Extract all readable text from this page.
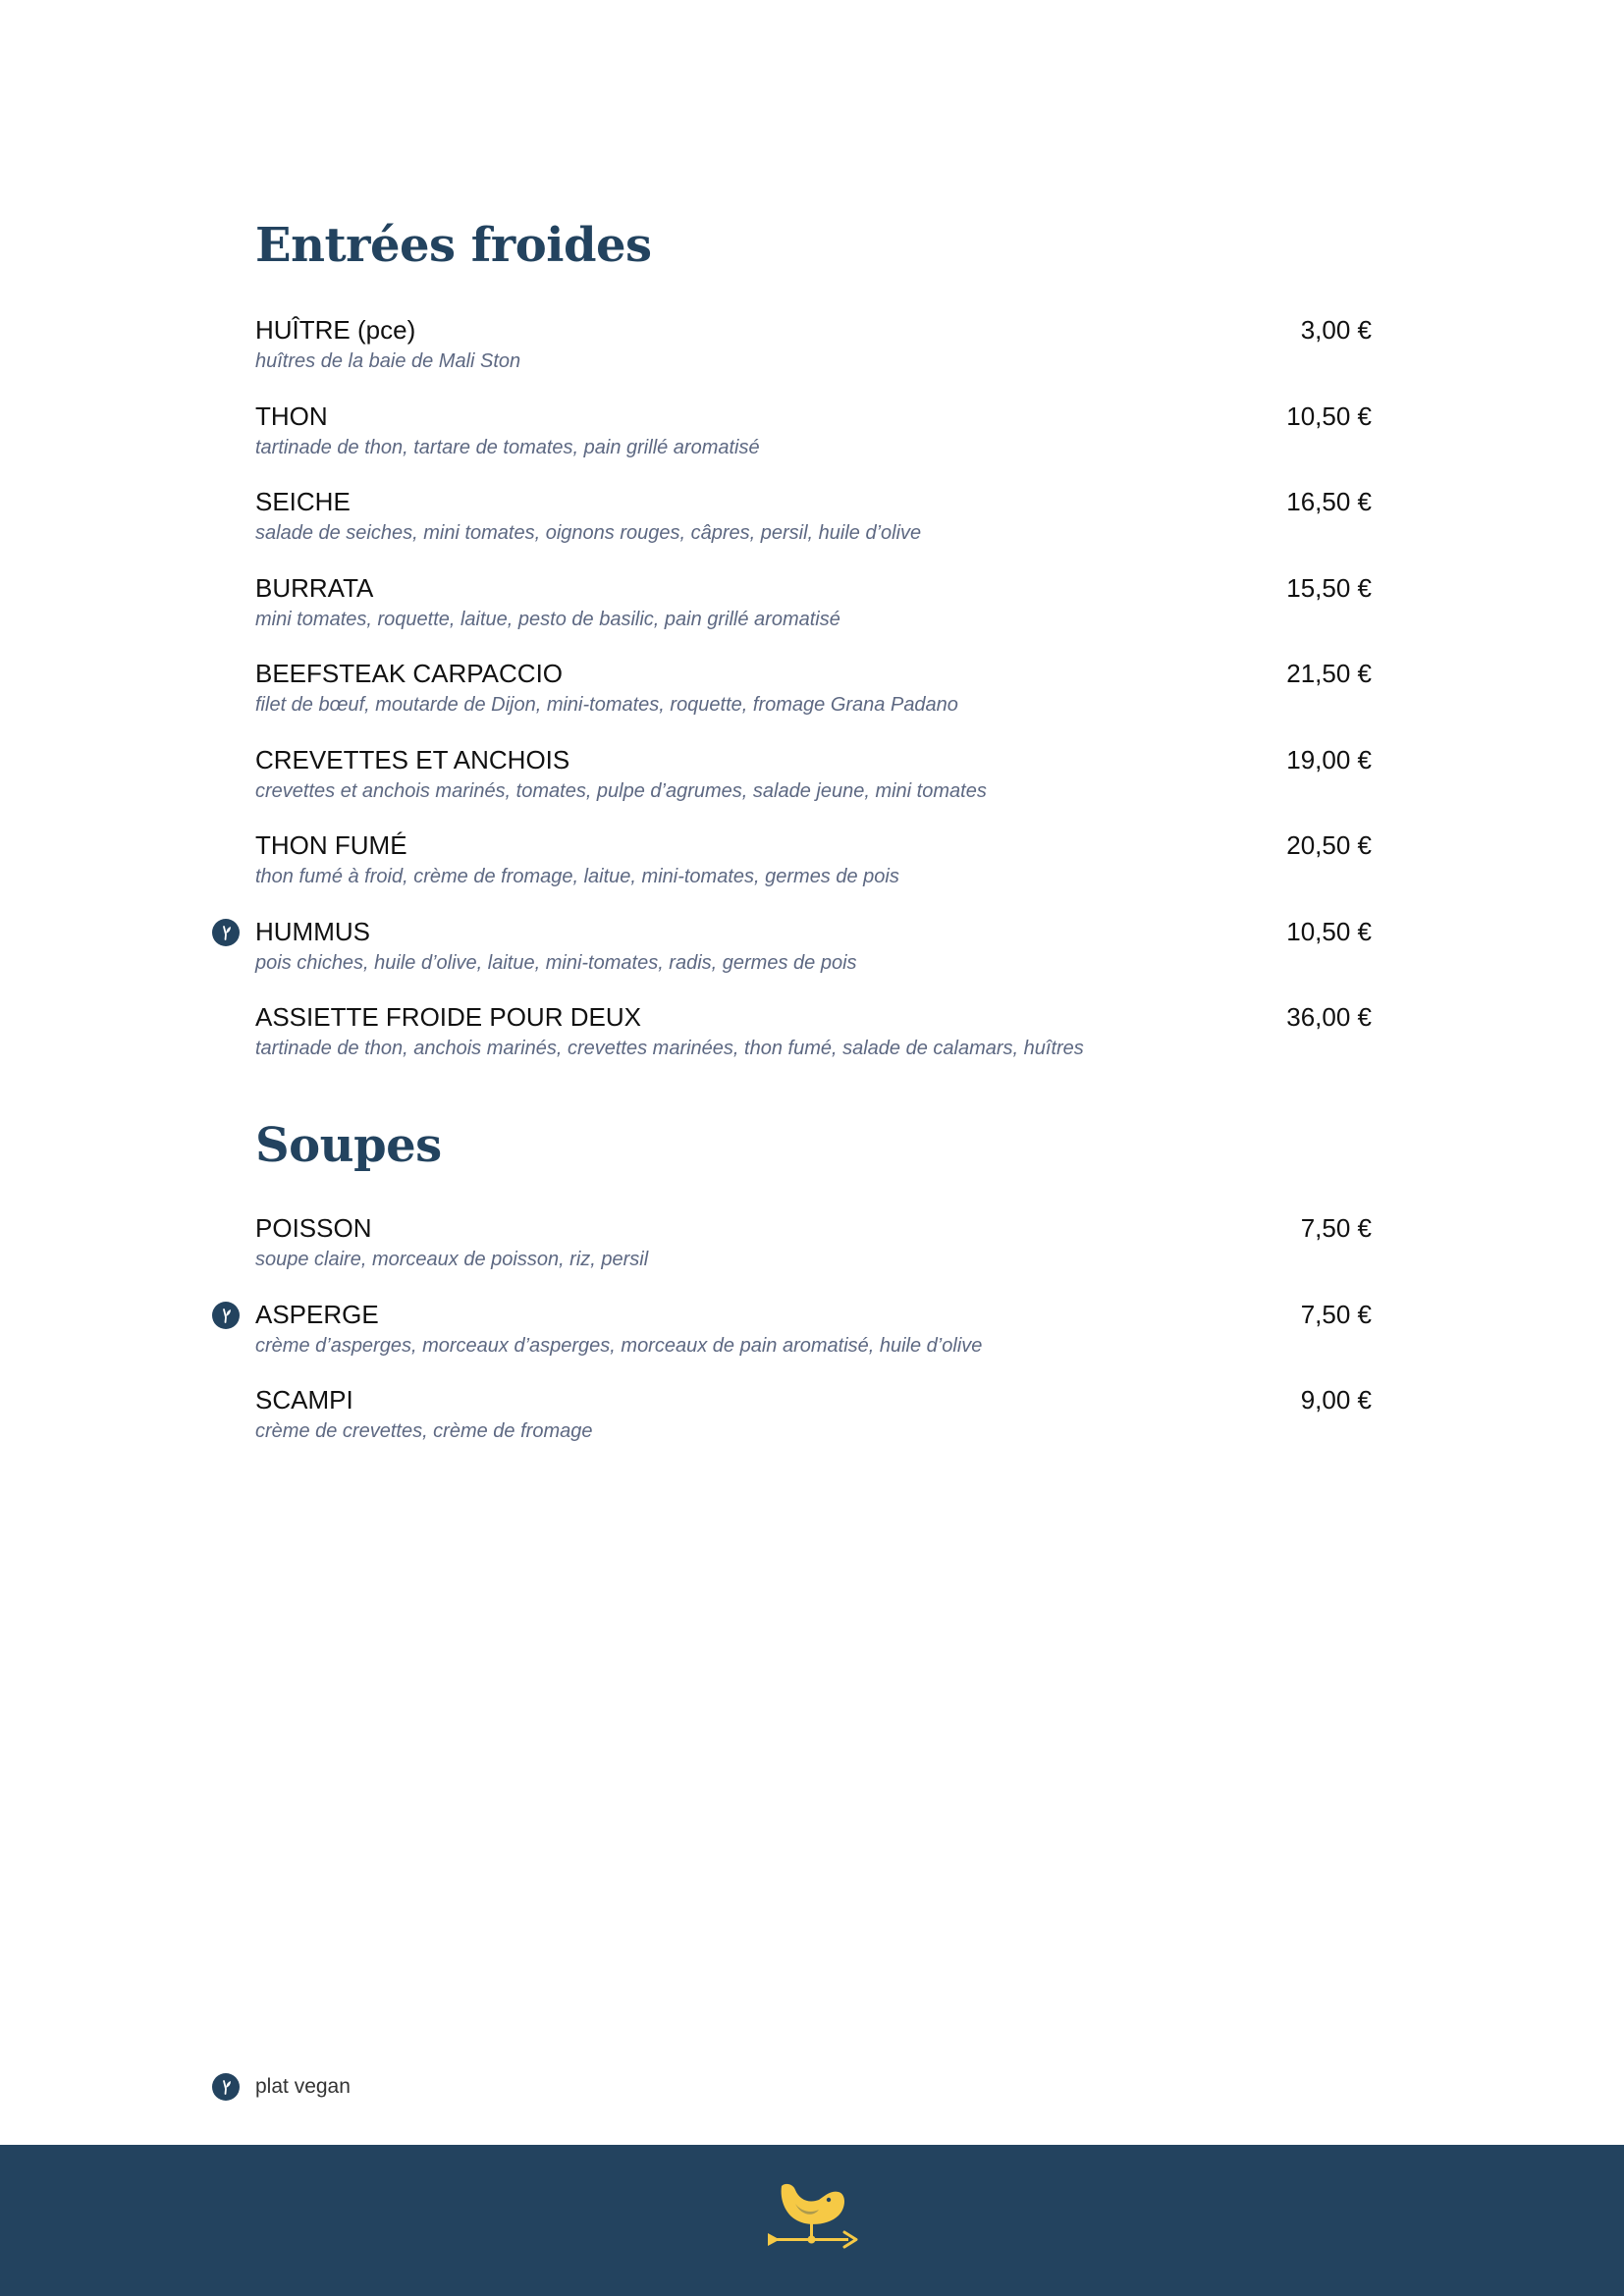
Entrées froides
HUÎTRE (pce)	3,00 €
huîtres de la baie de Mali Ston
THON	10,50 €
tartinade de thon, tartare de tomates, pain grillé aromatisé
SEICHE	16,50 €
salade de seiches, mini tomates, oignons rouges, câpres, persil, huile d’olive
BURRATA	15,50 €
mini tomates, roquette, laitue, pesto de basilic, pain grillé aromatisé
BEEFSTEAK CARPACCIO	21,50 €
filet de bœuf, moutarde de Dijon, mini-tomates, roquette, fromage Grana Padano
CREVETTES ET ANCHOIS	19,00 €
crevettes et anchois marinés, tomates, pulpe d’agrumes, salade jeune, mini tomates
THON FUMÉ	20,50 €
thon fumé à froid, crème de fromage, laitue, mini-tomates, germes de pois
HUMMUS	10,50 €
pois chiches, huile d’olive, laitue, mini-tomates, radis, germes de pois
ASSIETTE FROIDE POUR DEUX	36,00 €
tartinade de thon, anchois marinés, crevettes marinées, thon fumé, salade de calamars, huîtres
Soupes
POISSON	7,50 €
soupe claire, morceaux de poisson, riz, persil
ASPERGE	7,50 €
crème d’asperges, morceaux d’asperges, morceaux de pain aromatisé, huile d’olive
SCAMPI	9,00 €
crème de crevettes, crème de fromage
plat vegan
